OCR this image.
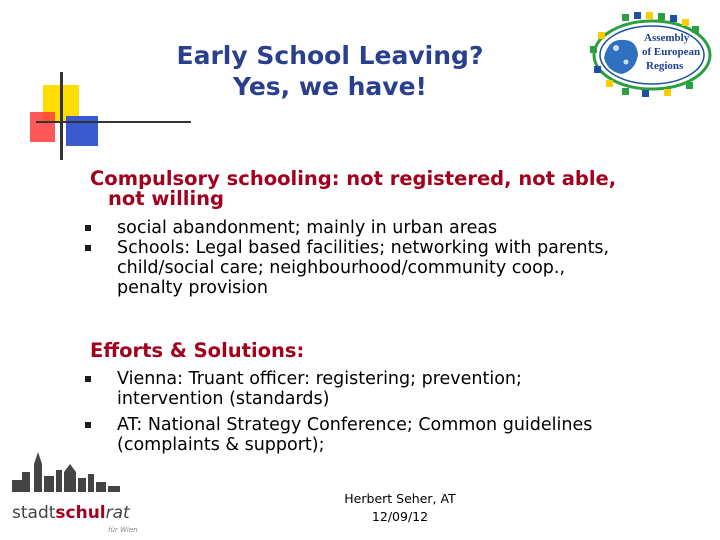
Early School Leaving?
Yes, we have!
Assembly
of European
Regions
Compulsory schooling: not registered, not able,
not willing
social abandonment; mainly in urban areas
Schools: Legal based facilities; networking with parents,
child/social care; neighbourhood/community coop.,
penalty provision
Efforts & Solutions:
Vienna: Truant officer: registering; prevention;
intervention (standards)
AT: National Strategy Conference; Common guidelines
(complaints & support);
stadtschulrat
für Wien
Herbert Seher, AT
12/09/12
